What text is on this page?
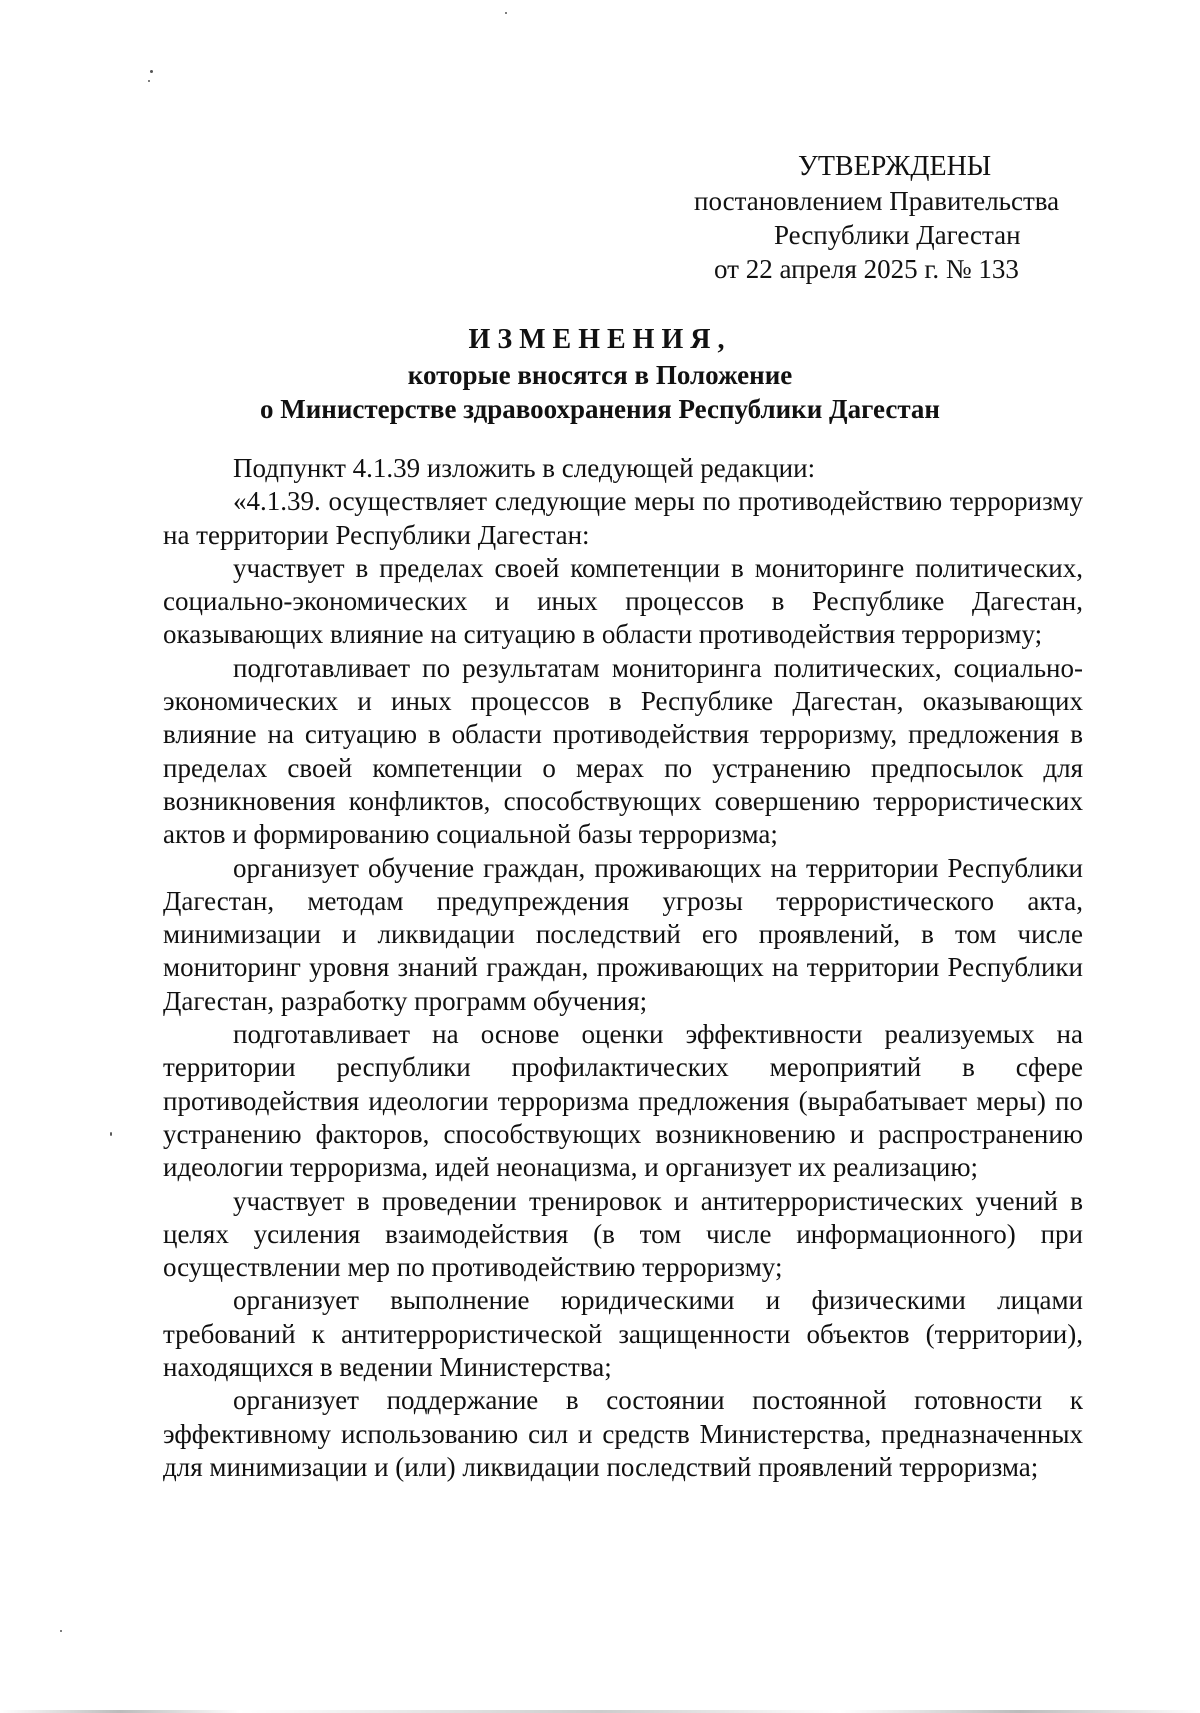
УТВЕРЖДЕНЫ
постановлением Правительства
Республики Дагестан
от 22 апреля 2025 г. № 133
ИЗМЕНЕНИЯ,
которые вносятся в Положение
о Министерстве здравоохранения Республики Дагестан

Подпункт 4.1.39 изложить в следующей редакции:

«4.1.39. осуществляет следующие меры по противодействию терроризму на территории Республики Дагестан:

участвует в пределах своей компетенции в мониторинге политических, социально-экономических и иных процессов в Республике Дагестан, оказывающих влияние на ситуацию в области противодействия терроризму;

подготавливает по результатам мониторинга политических, социально-экономических и иных процессов в Республике Дагестан, оказывающих влияние на ситуацию в области противодействия терроризму, предложения в пределах своей компетенции о мерах по устранению предпосылок для возникновения конфликтов, способствующих совершению террористических актов и формированию социальной базы терроризма;

организует обучение граждан, проживающих на территории Республики Дагестан, методам предупреждения угрозы террористического акта, минимизации и ликвидации последствий его проявлений, в том числе мониторинг уровня знаний граждан, проживающих на территории Республики Дагестан, разработку программ обучения;

подготавливает на основе оценки эффективности реализуемых на территории республики профилактических мероприятий в сфере противодействия идеологии терроризма предложения (вырабатывает меры) по устранению факторов, способствующих возникновению и распространению идеологии терроризма, идей неонацизма, и организует их реализацию;

участвует в проведении тренировок и антитеррористических учений в целях усиления взаимодействия (в том числе информационного) при осуществлении мер по противодействию терроризму;

организует выполнение юридическими и физическими лицами требований к антитеррористической защищенности объектов (территории), находящихся в ведении Министерства;

организует поддержание в состоянии постоянной готовности к эффективному использованию сил и средств Министерства, предназначенных для минимизации и (или) ликвидации последствий проявлений терроризма;
